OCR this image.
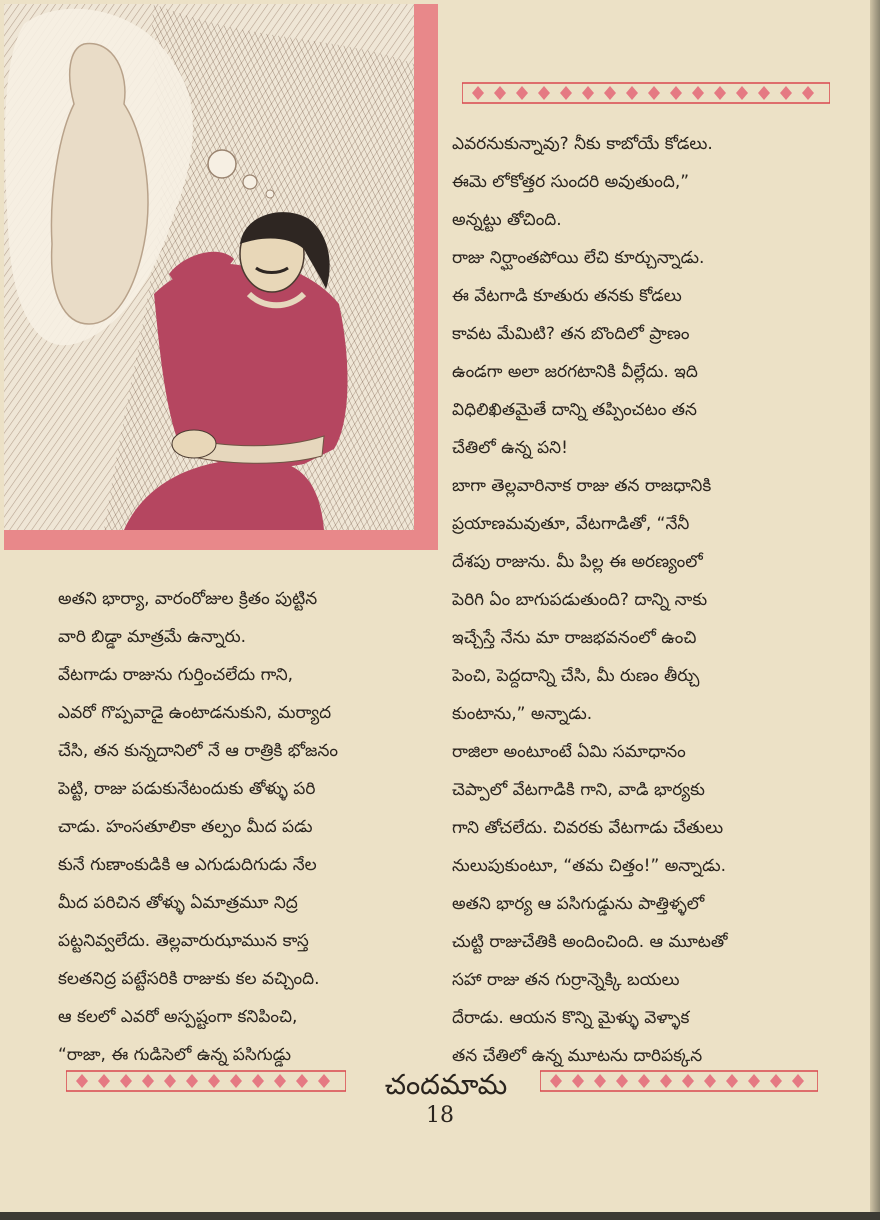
ఎవరనుకున్నావు? నీకు కాబోయే కోడలు.
ఈమె లోకోత్తర సుందరి అవుతుంది,”
అన్నట్టు తోచింది.
రాజు నిర్ఘాంతపోయి లేచి కూర్చున్నాడు.
ఈ వేటగాడి కూతురు తనకు కోడలు
కావట మేమిటి? తన బొందిలో ప్రాణం
ఉండగా అలా జరగటానికి వీల్లేదు. ఇది
విధిలిఖితమైతే దాన్ని తప్పించటం తన
చేతిలో ఉన్న పని!
బాగా తెల్లవారినాక రాజు తన రాజధానికి
ప్రయాణమవుతూ, వేటగాడితో, “నేనీ
దేశపు రాజును. మీ పిల్ల ఈ అరణ్యంలో
పెరిగి ఏం బాగుపడుతుంది? దాన్ని నాకు
ఇచ్చేస్తే నేను మా రాజభవనంలో ఉంచి
పెంచి, పెద్దదాన్ని చేసి, మీ రుణం తీర్చు
కుంటాను,” అన్నాడు.
రాజిలా అంటూంటే ఏమి సమాధానం
చెప్పాలో వేటగాడికి గాని, వాడి భార్యకు
గాని తోచలేదు. చివరకు వేటగాడు చేతులు
నులుపుకుంటూ, “తమ చిత్తం!” అన్నాడు.
అతని భార్య ఆ పసిగుడ్డును పాత్తిళ్ళలో
చుట్టి రాజుచేతికి అందించింది. ఆ మూటతో
సహా రాజు తన గుర్రాన్నెక్కి బయలు
దేరాడు. ఆయన కొన్ని మైళ్ళు వెళ్ళాక
తన చేతిలో ఉన్న మూటను దారిపక్కన

అతని భార్యా, వారంరోజుల క్రితం పుట్టిన
వారి బిడ్డా మాత్రమే ఉన్నారు.
వేటగాడు రాజును గుర్తించలేదు గాని,
ఎవరో గొప్పవాడై ఉంటాడనుకుని, మర్యాద
చేసి, తన కున్నదానిలో నే ఆ రాత్రికి భోజనం
పెట్టి, రాజు పడుకునేటందుకు తోళ్ళు పరి
చాడు. హంసతూలికా తల్పం మీద పడు
కునే గుణాంకుడికి ఆ ఎగుడుదిగుడు నేల
మీద పరిచిన తోళ్ళు ఏమాత్రమూ నిద్ర
పట్టనివ్వలేదు. తెల్లవారుఝామున కాస్త
కలతనిద్ర పట్టేసరికి రాజుకు కల వచ్చింది.
ఆ కలలో ఎవరో అస్పష్టంగా కనిపించి,
“రాజా, ఈ గుడిసెలో ఉన్న పసిగుడ్డు

చందమామ
18
